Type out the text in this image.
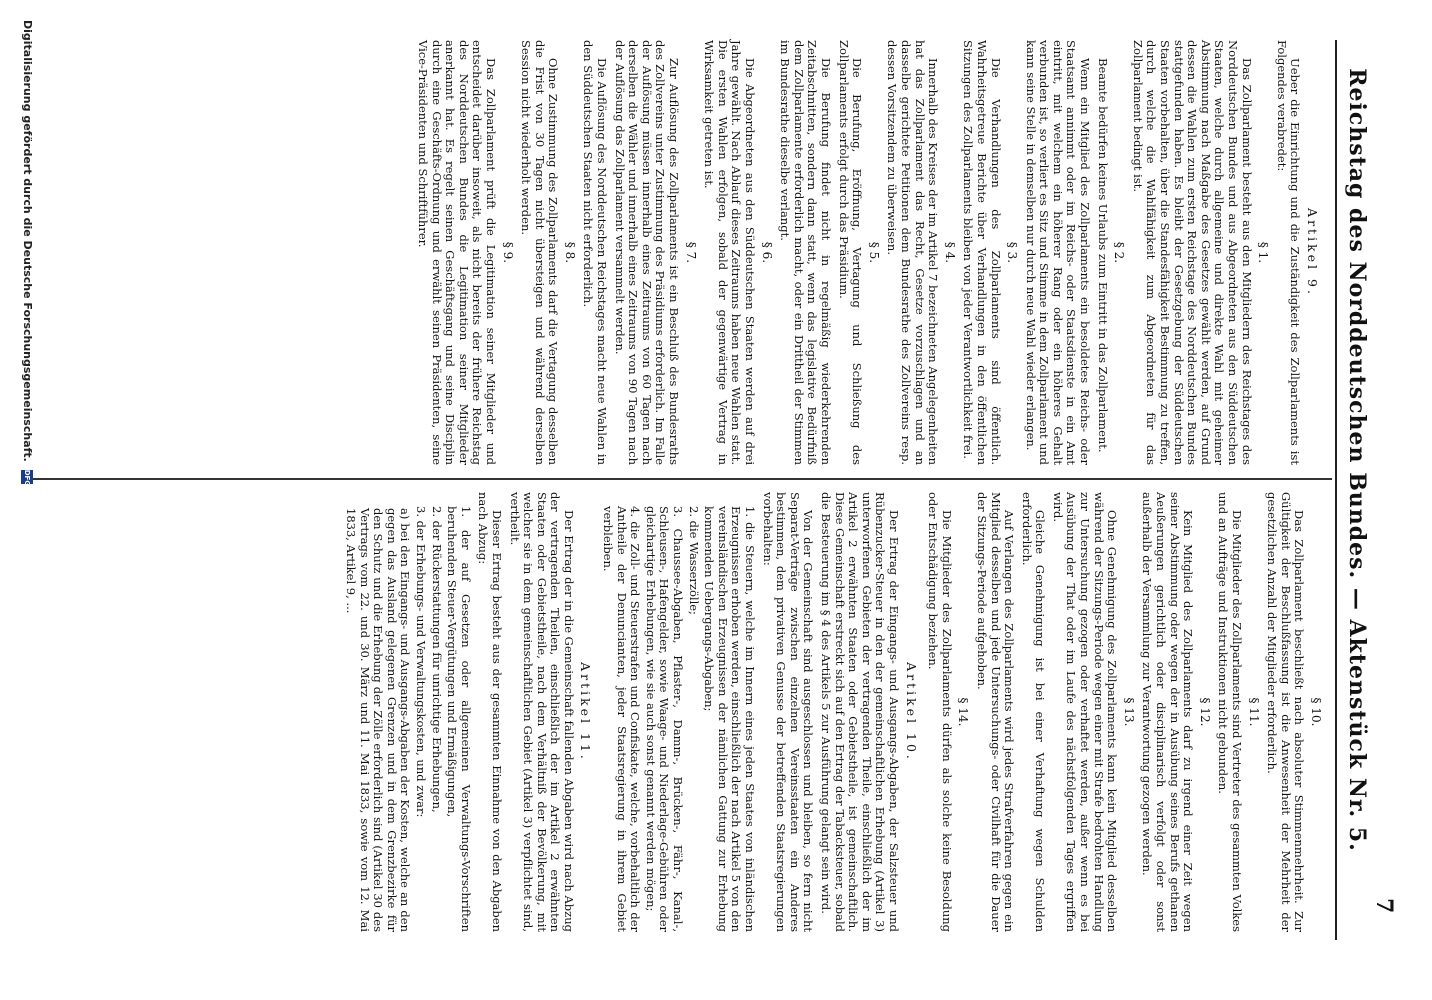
7
Reichstag des Norddeutschen Bundes. — Aktenstück Nr. 5.
Artikel 9.

Ueber die Einrichtung und die Zuständigkeit des Zollparlaments ist Folgendes verabredet:

§ 1.

Das Zollparlament besteht aus den Mitgliedern des Reichstages des Norddeutschen Bundes und aus Abgeordneten aus den Süddeutschen Staaten, welche durch allgemeine und direkte Wahl mit geheimer Abstimmung nach Maßgabe des Gesetzes gewählt werden, auf Grund dessen die Wahlen zum ersten Reichstage des Norddeutschen Bundes stattgefunden haben. Es bleibt der Gesetzgebung der Süddeutschen Staaten vorbehalten, über die Standesfähigkeit Bestimmung zu treffen, durch welche die Wahlfähigkeit zum Abgeordneten für das Zollparlament bedingt ist.

§ 2.

Beamte bedürfen keines Urlaubs zum Eintritt in das Zollparlament.

Wenn ein Mitglied des Zollparlaments ein besoldetes Reichs- oder Staatsamt annimmt oder im Reichs- oder Staatsdienste in ein Amt eintritt, mit welchem ein höherer Rang oder ein höheres Gehalt verbunden ist, so verliert es Sitz und Stimme in dem Zollparlament und kann seine Stelle in demselben nur durch neue Wahl wieder erlangen.

§ 3.

Die Verhandlungen des Zollparlaments sind öffentlich. Wahrheitsgetreue Berichte über Verhandlungen in den öffentlichen Sitzungen des Zollparlaments bleiben von jeder Verantwortlichkeit frei.

§ 4.

Innerhalb des Kreises der im Artikel 7 bezeichneten Angelegenheiten hat das Zollparlament das Recht, Gesetze vorzuschlagen und an dasselbe gerichtete Petitionen dem Bundesrathe des Zollvereins resp. dessen Vorsitzendem zu überweisen.

§ 5.

Die Berufung, Eröffnung, Vertagung und Schließung des Zollparlaments erfolgt durch das Präsidium.

Die Berufung findet nicht in regelmäßig wiederkehrenden Zeitabschnitten, sondern dann statt, wenn das legislative Bedürfniß dem Zollparlamente erforderlich macht, oder ein Drittheil der Stimmen im Bundesrathe dieselbe verlangt.

§ 6.

Die Abgeordneten aus den Süddeutschen Staaten werden auf drei Jahre gewählt. Nach Ablauf dieses Zeitraums haben neue Wahlen statt. Die ersten Wahlen erfolgen, sobald der gegenwärtige Vertrag in Wirksamkeit getreten ist.

§ 7.

Zur Auflösung des Zollparlaments ist ein Beschluß des Bundesraths des Zollvereins unter Zustimmung des Präsidiums erforderlich. Im Falle der Auflösung müssen innerhalb eines Zeitraums von 60 Tagen nach derselben die Wähler und innerhalb eines Zeitraums von 90 Tagen nach der Auflösung das Zollparlament versammelt werden.

Die Auflösung des Norddeutschen Reichstages macht neue Wahlen in den Süddeutschen Staaten nicht erforderlich.

§ 8.

Ohne Zustimmung des Zollparlaments darf die Vertagung desselben die Frist von 30 Tagen nicht übersteigen und während derselben Session nicht wiederholt werden.

§ 9.

Das Zollparlament prüft die Legitimation seiner Mitglieder und entscheidet darüber insoweit, als nicht bereits der frühere Reichstag des Norddeutschen Bundes die Legitimation seiner Mitglieder anerkannt hat. Es regelt seinen Geschäftsgang und seine Disciplin durch eine Geschäfts-Ordnung und erwählt seinen Präsidenten, seine Vice-Präsidenten und Schriftführer.

§ 10.

Das Zollparlament beschließt nach absoluter Stimmenmehrheit. Zur Gültigkeit der Beschlußfassung ist die Anwesenheit der Mehrheit der gesetzlichen Anzahl der Mitglieder erforderlich.

§ 11.

Die Mitglieder des Zollparlaments sind Vertreter des gesammten Volkes und an Aufträge und Instruktionen nicht gebunden.

§ 12.

Kein Mitglied des Zollparlaments darf zu irgend einer Zeit wegen seiner Abstimmung oder wegen der in Ausübung seines Berufs gethanen Aeußerungen gerichtlich oder disciplinarisch verfolgt oder sonst außerhalb der Versammlung zur Verantwortung gezogen werden.

§ 13.

Ohne Genehmigung des Zollparlaments kann kein Mitglied desselben während der Sitzungs-Periode wegen einer mit Strafe bedrohten Handlung zur Untersuchung gezogen oder verhaftet werden, außer wenn es bei Ausübung der That oder im Laufe des nächstfolgenden Tages ergriffen wird.

Gleiche Genehmigung ist bei einer Verhaftung wegen Schulden erforderlich.

Auf Verlangen des Zollparlaments wird jedes Strafverfahren gegen ein Mitglied desselben und jede Untersuchungs- oder Civilhaft für die Dauer der Sitzungs-Periode aufgehoben.

§ 14.

Die Mitglieder des Zollparlaments dürfen als solche keine Besoldung oder Entschädigung beziehen.

Artikel 10.

Der Ertrag der Eingangs- und Ausgangs-Abgaben, der Salzsteuer und Rübenzucker-Steuer in den der gemeinschaftlichen Erhebung (Artikel 3) unterworfenen Gebieten der vertragenden Theile, einschließlich der im Artikel 2 erwähnten Staaten oder Gebietstheile, ist gemeinschaftlich. Diese Gemeinschaft erstreckt sich auf den Ertrag der Tabacksteuer, sobald die Besteuerung im § 4 des Artikels 5 zur Ausführung gelangt sein wird.

Von der Gemeinschaft sind ausgeschlossen und bleiben, so fern nicht Separat-Verträge zwischen einzelnen Vereinsstaaten ein Anderes bestimmen, dem privativen Genusse der betreffenden Staatsregierungen vorbehalten:

1. die Steuern, welche im Innern eines jeden Staates von inländischen Erzeugnissen erhoben werden, einschließlich der nach Artikel 5 von den vereinsländischen Erzeugnissen der nämlichen Gattung zur Erhebung kommenden Uebergangs-Abgaben;
2. die Wasserzölle;
3. Chaussee-Abgaben, Pflaster-, Damm-, Brücken-, Fähr-, Kanal-, Schleusen-, Hafengelder, sowie Waage- und Niederlage-Gebühren oder gleichartige Erhebungen, wie sie auch sonst genannt werden mögen;
4. die Zoll- und Steuerstrafen und Confiskate, welche, vorbehaltlich der Antheile der Denuncianten, jeder Staatsregierung in ihrem Gebiet verbleiben.
Artikel 11.

Der Ertrag der in die Gemeinschaft fallenden Abgaben wird nach Abzug der vertragenden Theilen, einschließlich der im Artikel 2 erwähnten Staaten oder Gebietstheile, nach dem Verhältniß der Bevölkerung, mit welcher sie in dem gemeinschaftlichen Gebiet (Artikel 3) verpflichtet sind, vertheilt.

Dieser Ertrag besteht aus der gesammten Einnahme von den Abgaben nach Abzug:

1. der auf Gesetzen oder allgemeinen Verwaltungs-Vorschriften beruhenden Steuer-Vergütungen und Ermäßigungen,
2. der Rückerstattungen für unrichtige Erhebungen,
3. der Erhebungs- und Verwaltungskosten, und zwar:
a) bei den Eingangs- und Ausgangs-Abgaben der Kosten, welche an den gegen das Ausland gelegenen Grenzen und in dem Grenzbezirke für den Schutz und die Erhebung der Zölle erforderlich sind (Artikel 30 des Vertrags vom 22. und 30. März und 11. Mai 1833, sowie vom 12. Mai 1833, Artikel 9, ...
Digitalisierung gefördert durch die Deutsche Forschungsgemeinschaft. DFG
